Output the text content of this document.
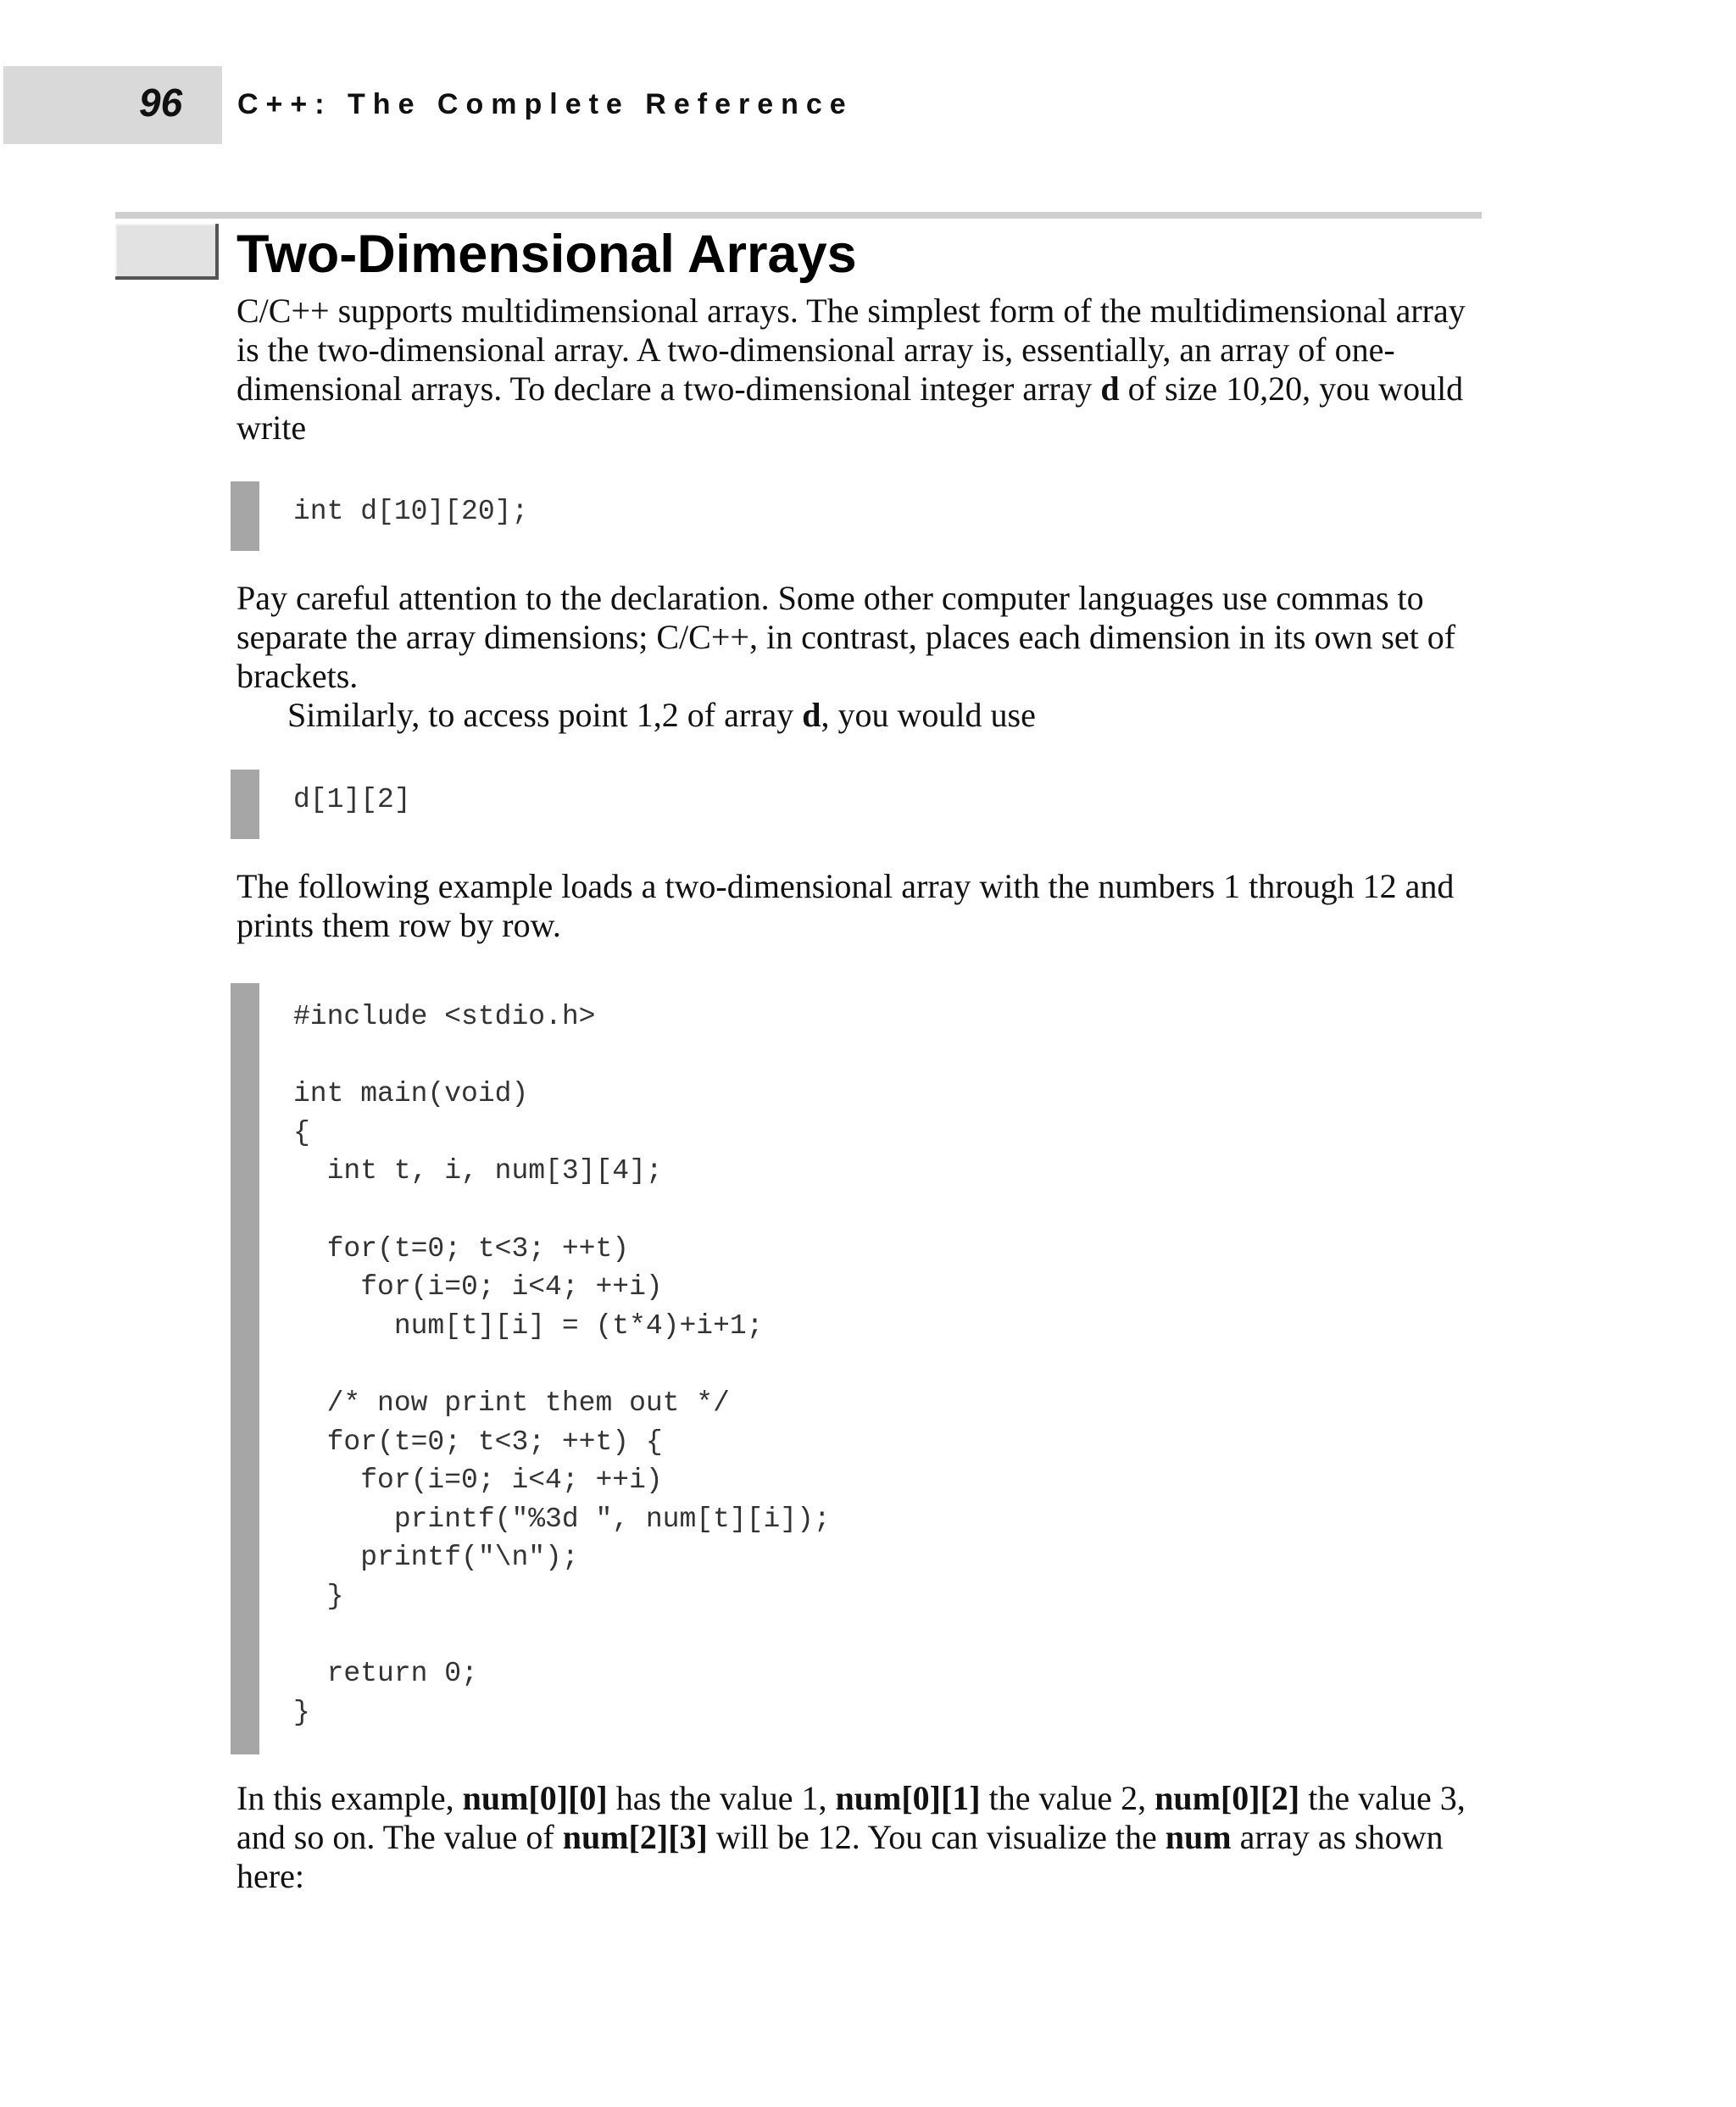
96 C++: The Complete Reference
Two-Dimensional Arrays

C/C++ supports multidimensional arrays. The simplest form of the multidimensional array is the two-dimensional array. A two-dimensional array is, essentially, an array of one-dimensional arrays. To declare a two-dimensional integer array d of size 10,20, you would write

int d[10][20];

Pay careful attention to the declaration. Some other computer languages use commas to separate the array dimensions; C/C++, in contrast, places each dimension in its own set of brackets.

Similarly, to access point 1,2 of array d, you would use

d[1][2]

The following example loads a two-dimensional array with the numbers 1 through 12 and prints them row by row.

#include <stdio.h>

int main(void)
{
int t, i, num[3][4];

for(t=0; t<3; ++t)
for(i=0; i<4; ++i)
num[t][i] = (t*4)+i+1;

/* now print them out */
for(t=0; t<3; ++t) {
for(i=0; i<4; ++i)
printf("%3d ", num[t][i]);
printf("\n");
}

return 0;
}

In this example, num[0][0] has the value 1, num[0][1] the value 2, num[0][2] the value 3, and so on. The value of num[2][3] will be 12. You can visualize the num array as shown here:
